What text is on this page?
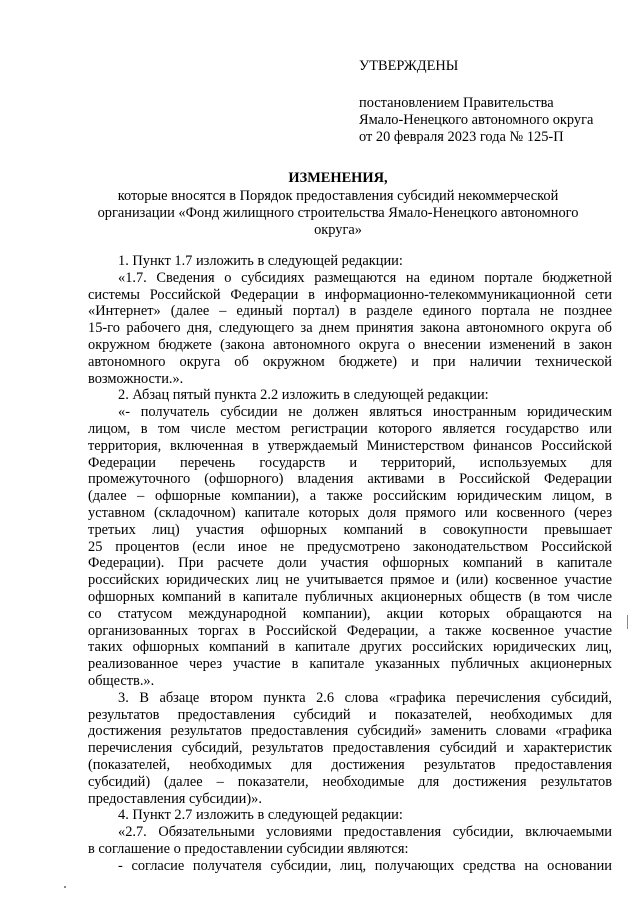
УТВЕРЖДЕНЫ
постановлением Правительства
Ямало-Ненецкого автономного округа
от 20 февраля 2023 года № 125-П
ИЗМЕНЕНИЯ,
которые вносятся в Порядок предоставления субсидий некоммерческой
организации «Фонд жилищного строительства Ямало-Ненецкого автономного
округа»

1. Пункт 1.7 изложить в следующей редакции:

«1.7. Сведения о субсидиях размещаются на едином портале бюджетной

системы Российской Федерации в информационно-телекоммуникационной сети

«Интернет» (далее – единый портал) в разделе единого портала не позднее

15-го рабочего дня, следующего за днем принятия закона автономного округа об

окружном бюджете (закона автономного округа о внесении изменений в закон

автономного округа об окружном бюджете) и при наличии технической

возможности.».

2. Абзац пятый пункта 2.2 изложить в следующей редакции:

«- получатель субсидии не должен являться иностранным юридическим

лицом, в том числе местом регистрации которого является государство или

территория, включенная в утверждаемый Министерством финансов Российской

Федерации перечень государств и территорий, используемых для

промежуточного (офшорного) владения активами в Российской Федерации

(далее – офшорные компании), а также российским юридическим лицом, в

уставном (складочном) капитале которых доля прямого или косвенного (через

третьих лиц) участия офшорных компаний в совокупности превышает

25 процентов (если иное не предусмотрено законодательством Российской

Федерации). При расчете доли участия офшорных компаний в капитале

российских юридических лиц не учитывается прямое и (или) косвенное участие

офшорных компаний в капитале публичных акционерных обществ (в том числе

со статусом международной компании), акции которых обращаются на

организованных торгах в Российской Федерации, а также косвенное участие

таких офшорных компаний в капитале других российских юридических лиц,

реализованное через участие в капитале указанных публичных акционерных

обществ.».

3. В абзаце втором пункта 2.6 слова «графика перечисления субсидий,

результатов предоставления субсидий и показателей, необходимых для

достижения результатов предоставления субсидий» заменить словами «графика

перечисления субсидий, результатов предоставления субсидий и характеристик

(показателей, необходимых для достижения результатов предоставления

субсидий) (далее – показатели, необходимые для достижения результатов

предоставления субсидии)».

4. Пункт 2.7 изложить в следующей редакции:

«2.7. Обязательными условиями предоставления субсидии, включаемыми

в соглашение о предоставлении субсидии являются:

- согласие получателя субсидии, лиц, получающих средства на основании
